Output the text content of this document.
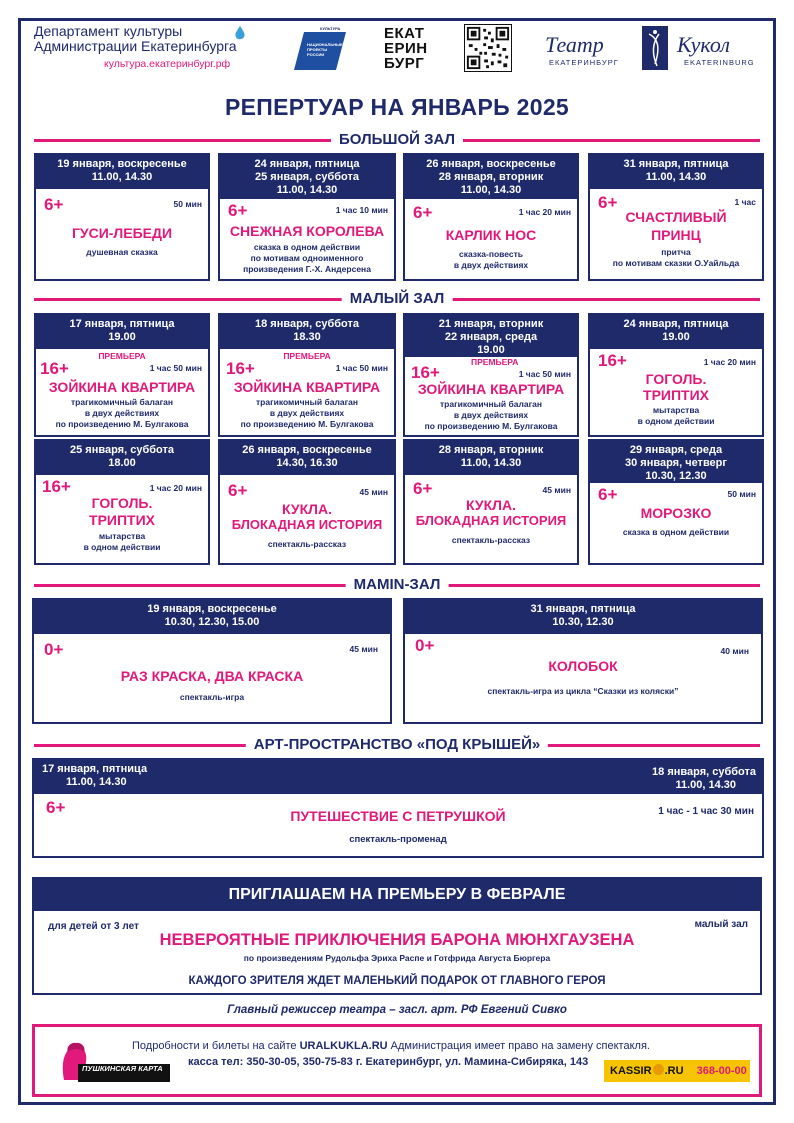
Департамент культуры
Администрации Екатеринбурга
культура.екатеринбург.рф
КУЛЬТУРА
НАЦИОНАЛЬНЫЕ
ПРОЕКТЫ
РОССИИ
ЕКАТ
ЕРИН
БУРГ
Театр	Кукол
ЕКАТЕРИНБУРГ	EKATERINBURG
РЕПЕРТУАР НА ЯНВАРЬ 2025
БОЛЬШОЙ ЗАЛ
19 января, воскресенье
11.00, 14.30
6+	50 мин
ГУСИ-ЛЕБЕДИ
душевная сказка
24 января, пятница
25 января, суббота
11.00, 14.30
6+	1 час 10 мин
СНЕЖНАЯ КОРОЛЕВА
сказка в одном действии
по мотивам одноименного
произведения Г.-Х. Андерсена
26 января, воскресенье
28 января, вторник
11.00, 14.30
6+	1 час 20 мин
КАРЛИК НОС
сказка-повесть
в двух действиях
31 января, пятница
11.00, 14.30
6+	1 час
СЧАСТЛИВЫЙ
ПРИНЦ
притча
по мотивам сказки О.Уайльда
МАЛЫЙ ЗАЛ
17 января, пятница
19.00
ПРЕМЬЕРА
16+	1 час 50 мин
ЗОЙКИНА КВАРТИРА
трагикомичный балаган
в двух действиях
по произведению М. Булгакова
18 января, суббота
18.30
ПРЕМЬЕРА
16+	1 час 50 мин
ЗОЙКИНА КВАРТИРА
трагикомичный балаган
в двух действиях
по произведению М. Булгакова
21 января, вторник
22 января, среда
19.00
ПРЕМЬЕРА
16+	1 час 50 мин
ЗОЙКИНА КВАРТИРА
трагикомичный балаган
в двух действиях
по произведению М. Булгакова
24 января, пятница
19.00
16+	1 час 20 мин
ГОГОЛЬ.
ТРИПТИХ
мытарства
в одном действии
25 января, суббота
18.00
16+	1 час 20 мин
ГОГОЛЬ.
ТРИПТИХ
мытарства
в одном действии
26 января, воскресенье
14.30, 16.30
6+	45 мин
КУКЛА.
БЛОКАДНАЯ ИСТОРИЯ
спектакль-рассказ
28 января, вторник
11.00, 14.30
6+	45 мин
КУКЛА.
БЛОКАДНАЯ ИСТОРИЯ
спектакль-рассказ
29 января, среда
30 января, четверг
10.30, 12.30
6+	50 мин
МОРОЗКО
сказка в одном действии
MAMIN-ЗАЛ
19 января, воскресенье
10.30, 12.30, 15.00
0+	45 мин
РАЗ КРАСКА, ДВА КРАСКА
спектакль-игра
31 января, пятница
10.30, 12.30
0+	40 мин
КОЛОБОК
спектакль-игра из цикла “Сказки из коляски”
АРТ-ПРОСТРАНСТВО «ПОД КРЫШЕЙ»
17 января, пятница
11.00, 14.30
18 января, суббота
11.00, 14.30
6+	1 час - 1 час 30 мин
ПУТЕШЕСТВИЕ С ПЕТРУШКОЙ
спектакль-променад
ПРИГЛАШАЕМ НА ПРЕМЬЕРУ В ФЕВРАЛЕ
для детей от 3 лет	малый зал
НЕВЕРОЯТНЫЕ ПРИКЛЮЧЕНИЯ БАРОНА МЮНХГАУЗЕНА
по произведениям Рудольфа Эриха Распе и Готфрида Августа Бюргера
КАЖДОГО ЗРИТЕЛЯ ЖДЕТ МАЛЕНЬКИЙ ПОДАРОК ОТ ГЛАВНОГО ГЕРОЯ
Главный режиссер театра – засл. арт. РФ Евгений Сивко
ПУШКИНСКАЯ КАРТА
Подробности и билеты на сайте URALKUKLA.RU Администрация имеет право на замену спектакля.
касса тел: 350-30-05, 350-75-83 г. Екатеринбург, ул. Мамина-Сибиряка, 143
KASSIR .RU 368-00-00
